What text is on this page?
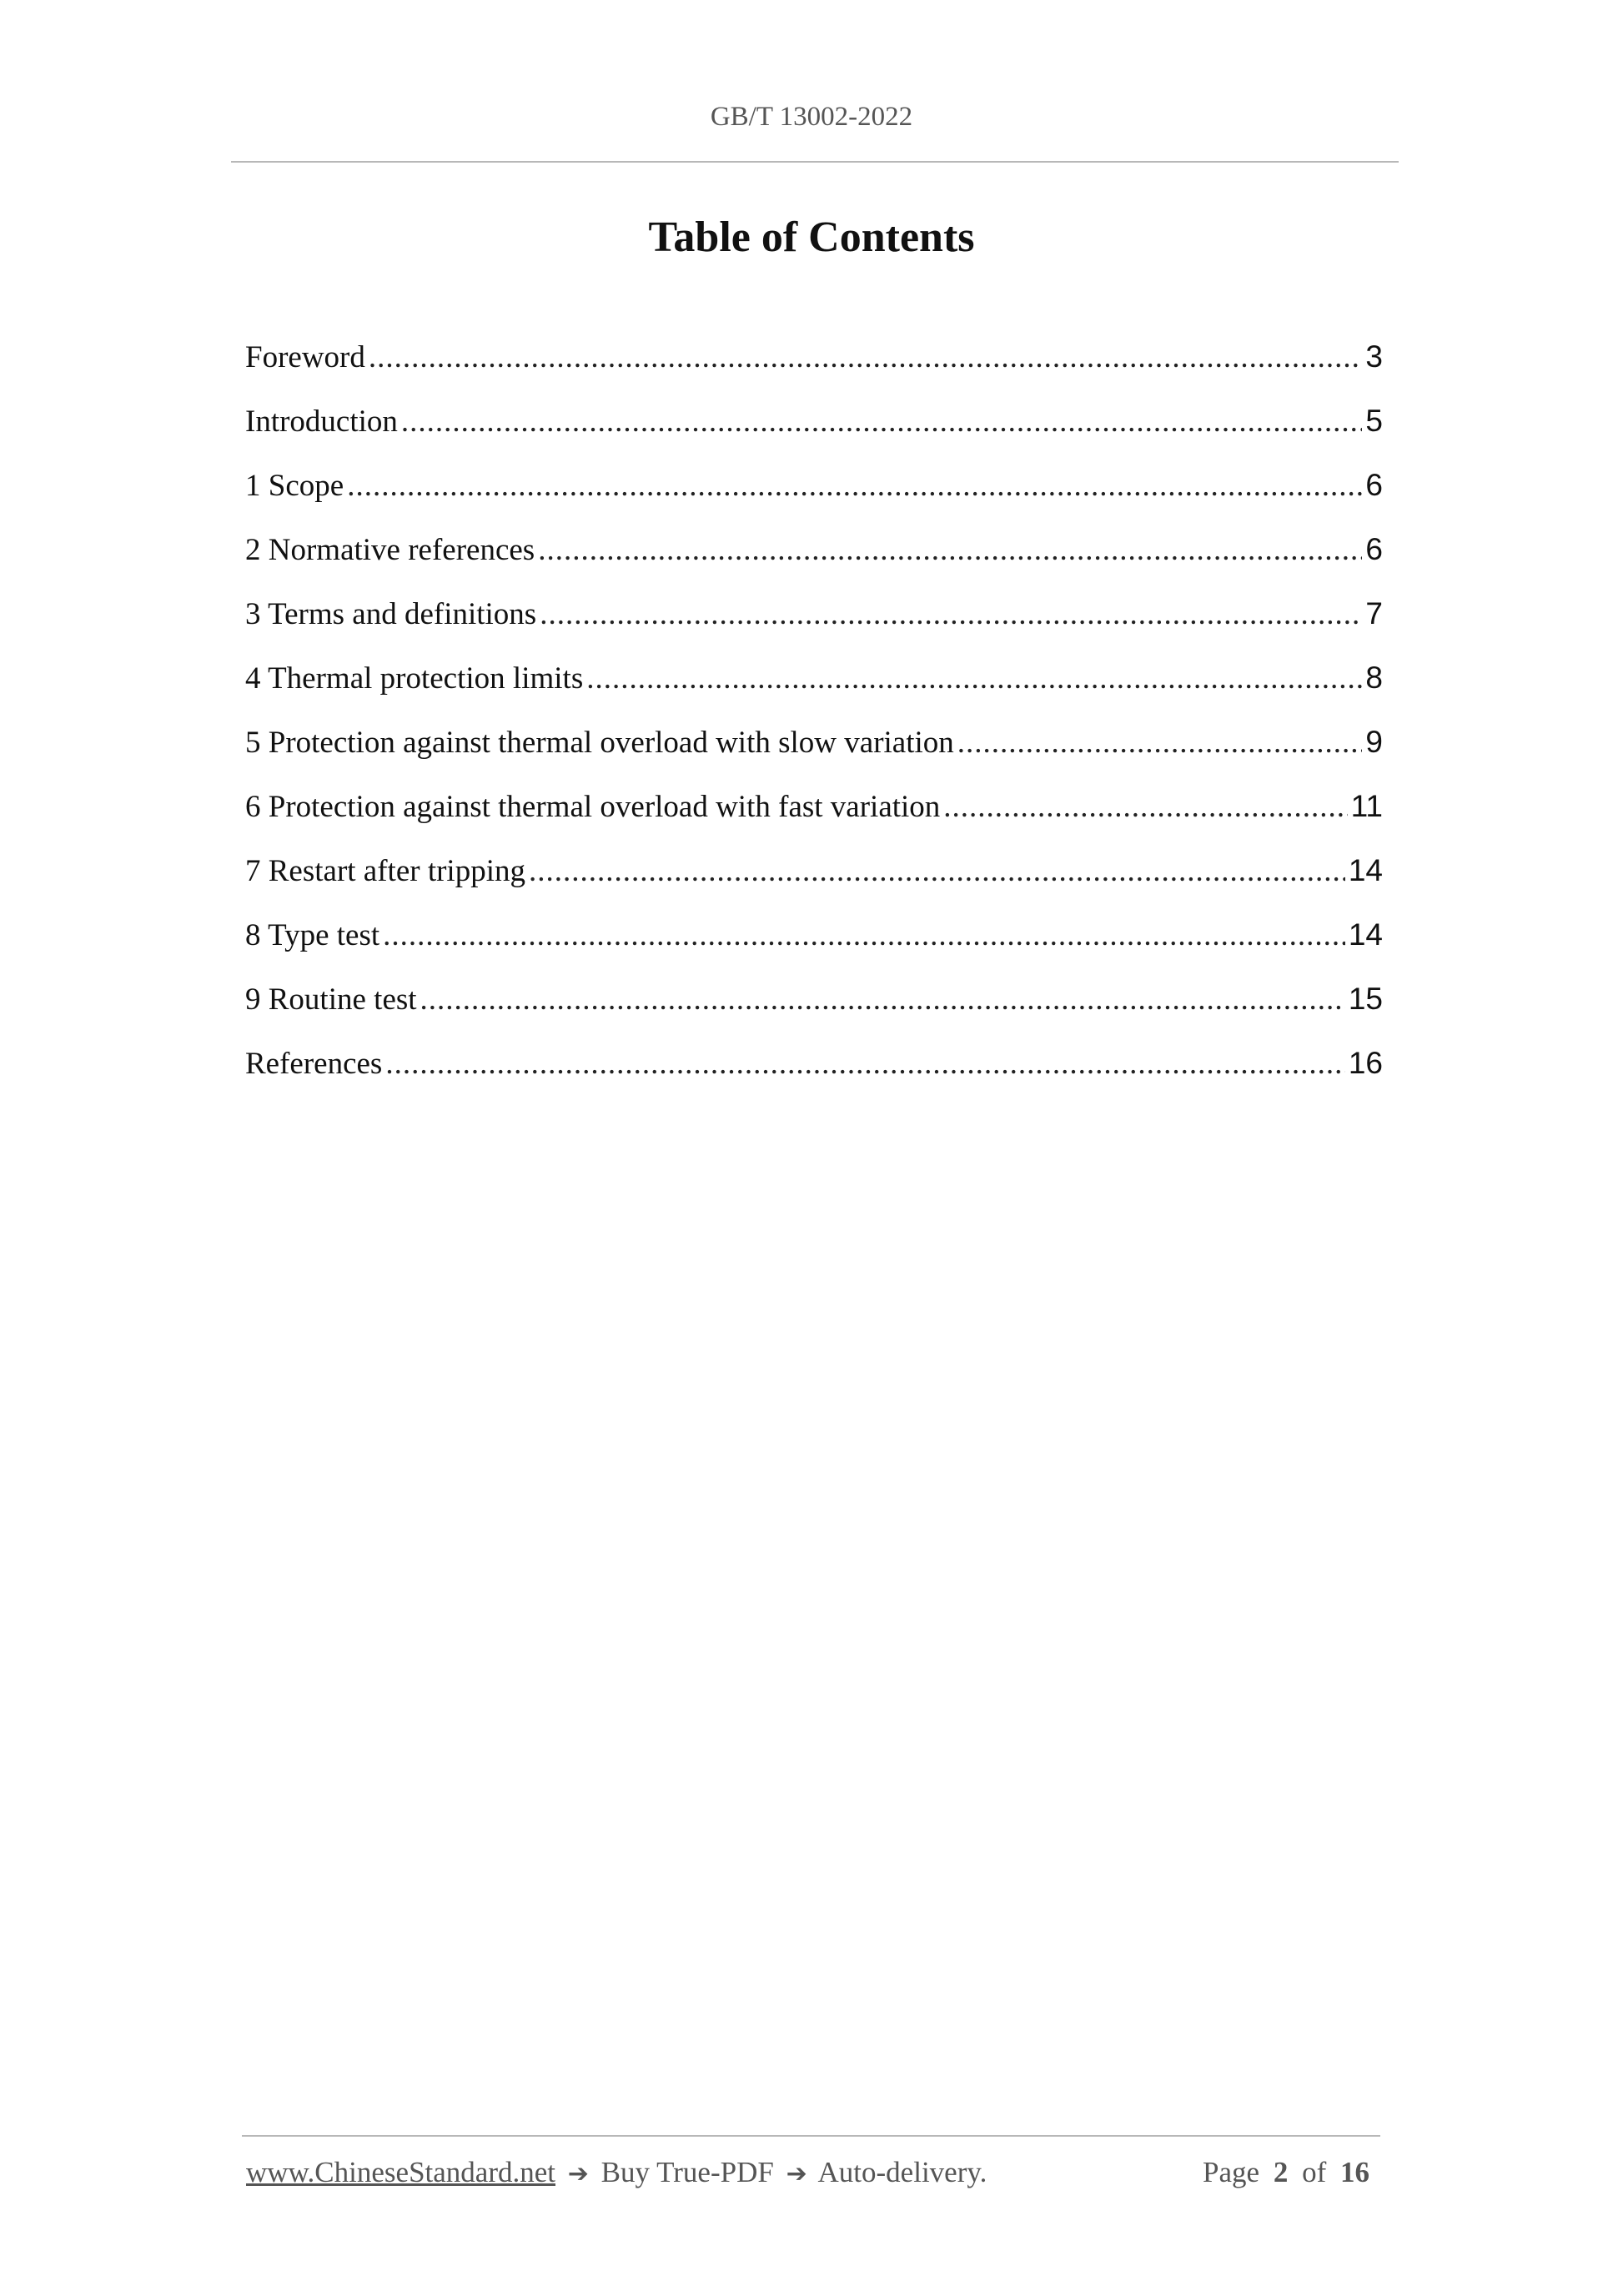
GB/T 13002-2022
Table of Contents
Foreword .....	3
Introduction .....	5
1 Scope .....	6
2 Normative references .....	6
3 Terms and definitions .....	7
4 Thermal protection limits .....	8
5 Protection against thermal overload with slow variation .....	9
6 Protection against thermal overload with fast variation .....	11
7 Restart after tripping .....	14
8 Type test .....	14
9 Routine test .....	15
References .....	16
www.ChineseStandard.net ➔ Buy True-PDF ➔ Auto-delivery.	Page 2 of 16
